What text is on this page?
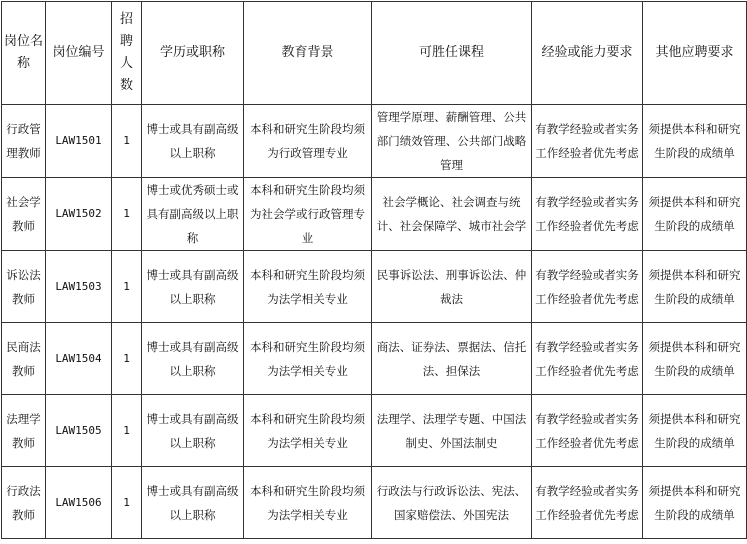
岗位名称	岗位编号	招聘人数	学历或职称	教育背景	可胜任课程	经验或能力要求	其他应聘要求
行政管理教师	LAW1501	1	博士或具有副高级以上职称	本科和研究生阶段均须为行政管理专业	管理学原理、薪酬管理、公共部门绩效管理、公共部门战略管理	有教学经验或者实务工作经验者优先考虑	须提供本科和研究生阶段的成绩单
社会学教师	LAW1502	1	博士或优秀硕士或具有副高级以上职称	本科和研究生阶段均须为社会学或行政管理专业	社会学概论、社会调查与统计、社会保障学、城市社会学	有教学经验或者实务工作经验者优先考虑	须提供本科和研究生阶段的成绩单
诉讼法教师	LAW1503	1	博士或具有副高级以上职称	本科和研究生阶段均须为法学相关专业	民事诉讼法、刑事诉讼法、仲裁法	有教学经验或者实务工作经验者优先考虑	须提供本科和研究生阶段的成绩单
民商法教师	LAW1504	1	博士或具有副高级以上职称	本科和研究生阶段均须为法学相关专业	商法、证券法、票据法、信托法、担保法	有教学经验或者实务工作经验者优先考虑	须提供本科和研究生阶段的成绩单
法理学教师	LAW1505	1	博士或具有副高级以上职称	本科和研究生阶段均须为法学相关专业	法理学、法理学专题、中国法制史、外国法制史	有教学经验或者实务工作经验者优先考虑	须提供本科和研究生阶段的成绩单
行政法教师	LAW1506	1	博士或具有副高级以上职称	本科和研究生阶段均须为法学相关专业	行政法与行政诉讼法、宪法、国家赔偿法、外国宪法	有教学经验或者实务工作经验者优先考虑	须提供本科和研究生阶段的成绩单
